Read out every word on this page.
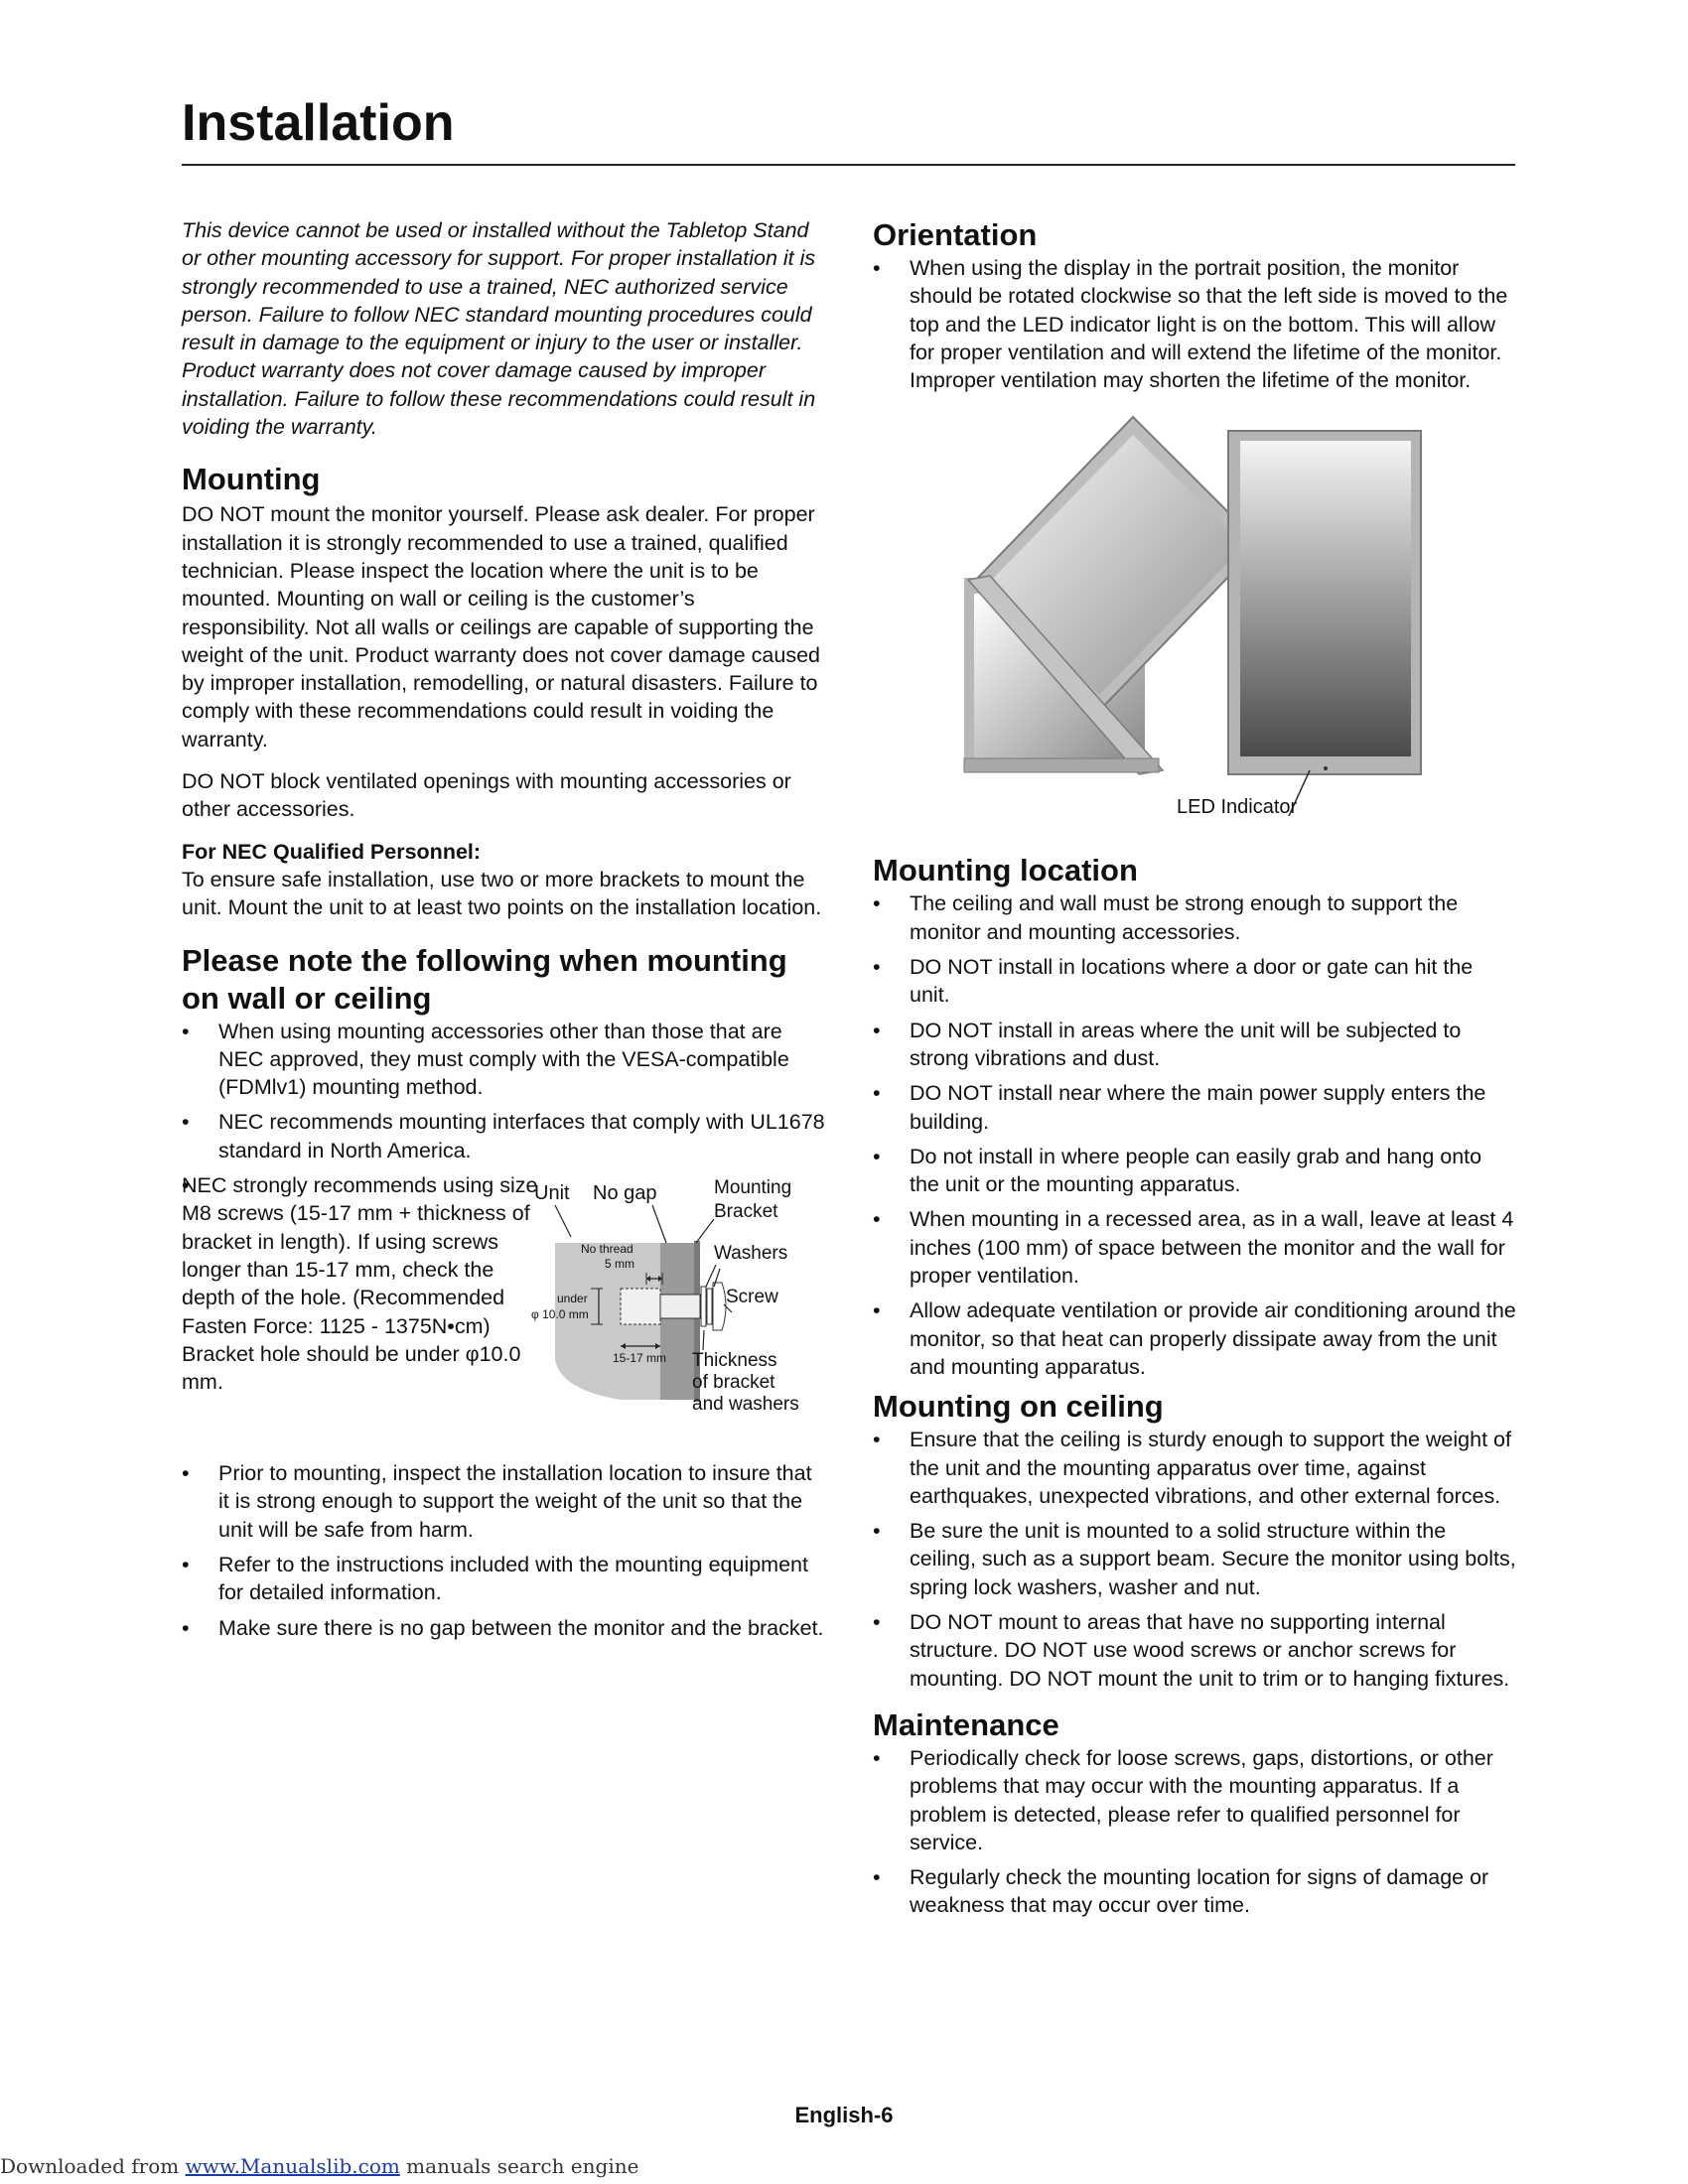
Installation

This device cannot be used or installed without the Tabletop Stand or other mounting accessory for support. For proper installation it is strongly recommended to use a trained, NEC authorized service person. Failure to follow NEC standard mounting procedures could result in damage to the equipment or injury to the user or installer. Product warranty does not cover damage caused by improper installation. Failure to follow these recommendations could result in voiding the warranty.

Mounting

DO NOT mount the monitor yourself. Please ask dealer. For proper installation it is strongly recommended to use a trained, qualified technician. Please inspect the location where the unit is to be mounted. Mounting on wall or ceiling is the customer’s responsibility. Not all walls or ceilings are capable of supporting the weight of the unit. Product warranty does not cover damage caused by improper installation, remodelling, or natural disasters. Failure to comply with these recommendations could result in voiding the warranty.

DO NOT block ventilated openings with mounting accessories or other accessories.

For NEC Qualified Personnel:
To ensure safe installation, use two or more brackets to mount the unit. Mount the unit to at least two points on the installation location.

Please note the following when mounting
on wall or ceiling
• When using mounting accessories other than those that are NEC approved, they must comply with the VESA-compatible (FDMlv1) mounting method.
• NEC recommends mounting interfaces that comply with UL1678 standard in North America.
• NEC strongly recommends using size M8 screws (15-17 mm + thickness of bracket in length). If using screws longer than 15-17 mm, check the depth of the hole. (Recommended Fasten Force: 1125 - 1375N•cm) Bracket hole should be under φ10.0 mm.
Unit No gap	Mounting
Bracket
Washers
Screw
No thread
5 mm
under
φ 10.0 mm
15-17 mm Thickness
of bracket
and washers
• Prior to mounting, inspect the installation location to insure that it is strong enough to support the weight of the unit so that the unit will be safe from harm.
• Refer to the instructions included with the mounting equipment for detailed information.
• Make sure there is no gap between the monitor and the bracket.
Orientation
• When using the display in the portrait position, the monitor should be rotated clockwise so that the left side is moved to the top and the LED indicator light is on the bottom. This will allow for proper ventilation and will extend the lifetime of the monitor. Improper ventilation may shorten the lifetime of the monitor.
LED Indicator
Mounting location
• The ceiling and wall must be strong enough to support the monitor and mounting accessories.
• DO NOT install in locations where a door or gate can hit the unit.
• DO NOT install in areas where the unit will be subjected to strong vibrations and dust.
• DO NOT install near where the main power supply enters the building.
• Do not install in where people can easily grab and hang onto the unit or the mounting apparatus.
• When mounting in a recessed area, as in a wall, leave at least 4 inches (100 mm) of space between the monitor and the wall for proper ventilation.
• Allow adequate ventilation or provide air conditioning around the monitor, so that heat can properly dissipate away from the unit and mounting apparatus.
Mounting on ceiling
• Ensure that the ceiling is sturdy enough to support the weight of the unit and the mounting apparatus over time, against earthquakes, unexpected vibrations, and other external forces.
• Be sure the unit is mounted to a solid structure within the ceiling, such as a support beam. Secure the monitor using bolts, spring lock washers, washer and nut.
• DO NOT mount to areas that have no supporting internal structure. DO NOT use wood screws or anchor screws for mounting. DO NOT mount the unit to trim or to hanging fixtures.
Maintenance
• Periodically check for loose screws, gaps, distortions, or other problems that may occur with the mounting apparatus. If a problem is detected, please refer to qualified personnel for service.
• Regularly check the mounting location for signs of damage or weakness that may occur over time.
English-6
Downloaded from www.Manualslib.com manuals search engine
